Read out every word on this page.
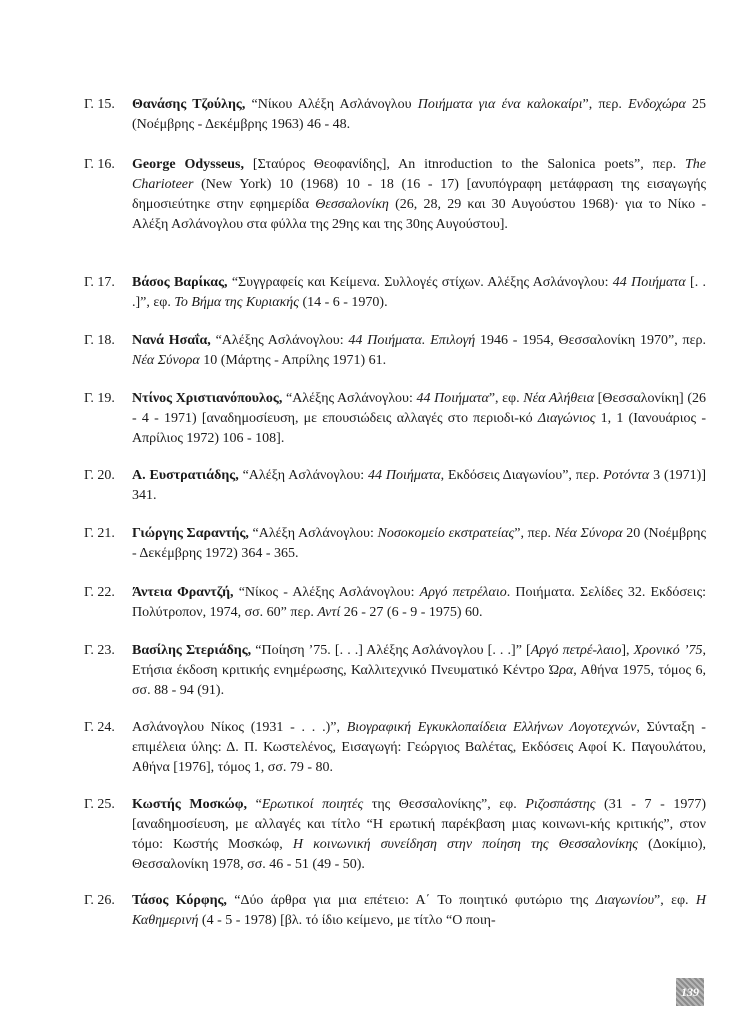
Γ. 15.	Θανάσης Τζούλης, “Νίκου Αλέξη Ασλάνογλου Ποιήματα για ένα καλοκαίρι”, περ. Ενδοχώρα 25 (Νοέμβρης - Δεκέμβρης 1963) 46 - 48.
Γ. 16.	George Odysseus, [Σταύρος Θεοφανίδης], An itnroduction to the Salonica poets”, περ. The Charioteer (New York) 10 (1968) 10 - 18 (16 - 17) [ανυπόγραφη μετάφραση της εισαγωγής δημοσιεύτηκε στην εφημερίδα Θεσσαλονίκη (26, 28, 29 και 30 Αυγούστου 1968)· για το Νίκο - Αλέξη Ασλάνογλου στα φύλλα της 29ης και της 30ης Αυγούστου].
Γ. 17.	Βάσος Βαρίκας, “Συγγραφείς και Κείμενα. Συλλογές στίχων. Αλέξης Ασλάνογλου: 44 Ποιήματα [. . .]”, εφ. Το Βήμα της Κυριακής (14 - 6 - 1970).
Γ. 18.	Νανά Ησαΐα, “Αλέξης Ασλάνογλου: 44 Ποιήματα. Επιλογή 1946 - 1954, Θεσσαλονίκη 1970”, περ. Νέα Σύνορα 10 (Μάρτης - Απρίλης 1971) 61.
Γ. 19.	Ντίνος Χριστιανόπουλος, “Αλέξης Ασλάνογλου: 44 Ποιήματα”, εφ. Νέα Αλήθεια [Θεσσαλονίκη] (26 - 4 - 1971) [αναδημοσίευση, με επουσιώδεις αλλαγές στο περιοδι-κό Διαγώνιος 1, 1 (Ιανουάριος - Απρίλιος 1972) 106 - 108].
Γ. 20.	Α. Ευστρατιάδης, “Αλέξη Ασλάνογλου: 44 Ποιήματα, Εκδόσεις Διαγωνίου”, περ. Ροτόντα 3 (1971)] 341.
Γ. 21.	Γιώργης Σαραντής, “Αλέξη Ασλάνογλου: Νοσοκομείο εκστρατείας”, περ. Νέα Σύνορα 20 (Νοέμβρης - Δεκέμβρης 1972) 364 - 365.
Γ. 22.	Άντεια Φραντζή, “Νίκος - Αλέξης Ασλάνογλου: Αργό πετρέλαιο. Ποιήματα. Σελίδες 32. Εκδόσεις: Πολύτροπον, 1974, σσ. 60” περ. Αντί 26 - 27 (6 - 9 - 1975) 60.
Γ. 23.	Βασίλης Στεριάδης, “Ποίηση ’75. [. . .] Αλέξης Ασλάνογλου [. . .]” [Αργό πετρέ-λαιο], Χρονικό ’75, Ετήσια έκδοση κριτικής ενημέρωσης, Καλλιτεχνικό Πνευματικό Κέντρο Ώρα, Αθήνα 1975, τόμος 6, σσ. 88 - 94 (91).
Γ. 24.	Ασλάνογλου Νίκος (1931 - . . .)”, Βιογραφική Εγκυκλοπαίδεια Ελλήνων Λογοτεχνών, Σύνταξη - επιμέλεια ύλης: Δ. Π. Κωστελένος, Εισαγωγή: Γεώργιος Βαλέτας, Εκδόσεις Αφοί Κ. Παγουλάτου, Αθήνα [1976], τόμος 1, σσ. 79 - 80.
Γ. 25.	Κωστής Μοσκώφ, “Ερωτικοί ποιητές της Θεσσαλονίκης”, εφ. Ριζοσπάστης (31 - 7 - 1977) [αναδημοσίευση, με αλλαγές και τίτλο “Η ερωτική παρέκβαση μιας κοινωνι-κής κριτικής”, στον τόμο: Κωστής Μοσκώφ, Η κοινωνική συνείδηση στην ποίηση της Θεσσαλονίκης (Δοκίμιο), Θεσσαλονίκη 1978, σσ. 46 - 51 (49 - 50).
Γ. 26.	Τάσος Κόρφης, “Δύο άρθρα για μια επέτειο: Α΄ Το ποιητικό φυτώριο της Διαγωνίου”, εφ. Η Καθημερινή (4 - 5 - 1978) [βλ. τό ίδιο κείμενο, με τίτλο “Ο ποιη-
139
